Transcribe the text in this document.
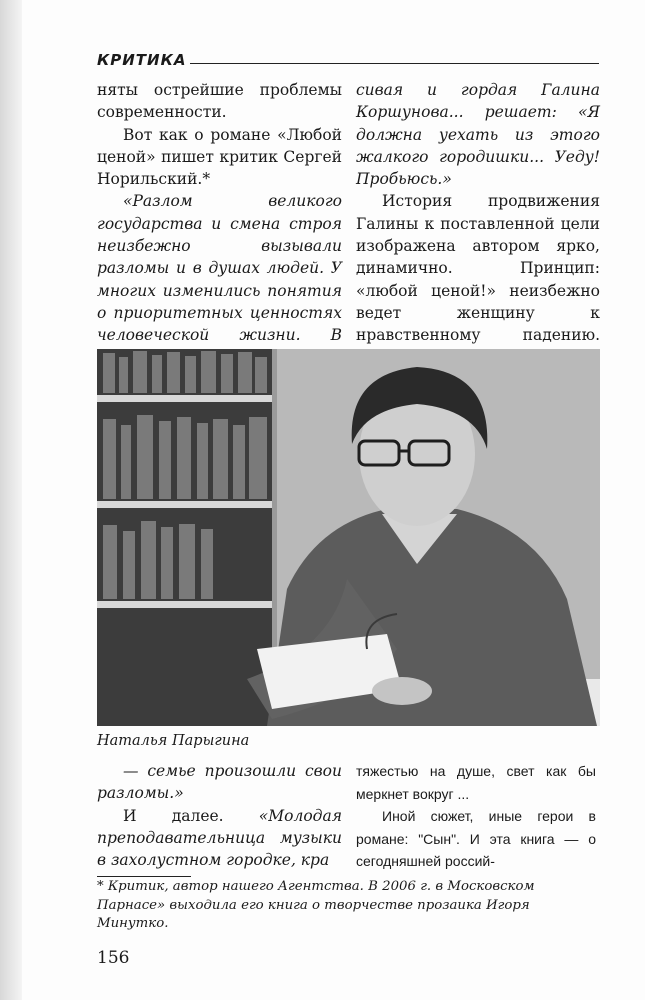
КРИТИКА

няты острейшие проблемы современности.

Вот как о романе «Любой ценой» пишет критик Сергей Норильский.*

«Разлом великого государства и смена строя неизбежно вызывали разломы и в душах людей. У многих изменились понятия о приоритетных ценностях человеческой жизни. В

сивая и гордая Галина Коршунова... решает: «Я должна уехать из этого жалкого городишки... Уеду! Пробьюсь.»

История продвижения Галины к поставленной цели изображена автором ярко, динамично. Принцип: «любой ценой!» неизбежно ведет женщину к нравственному падению.

Наталья Парыгина

— семье произошли свои разломы.»

И далее. «Молодая преподавательница музыки в захолустном городке, кра

тяжестью на душе, свет как бы меркнет вокруг ...

Иной сюжет, иные герои в романе: "Сын". И эта книга — о сегодняшней россий-

* Критик, автор нашего Агентства. В 2006 г. в Московском Парнасе» выходила его книга о творчестве прозаика Игоря Минутко.
156
